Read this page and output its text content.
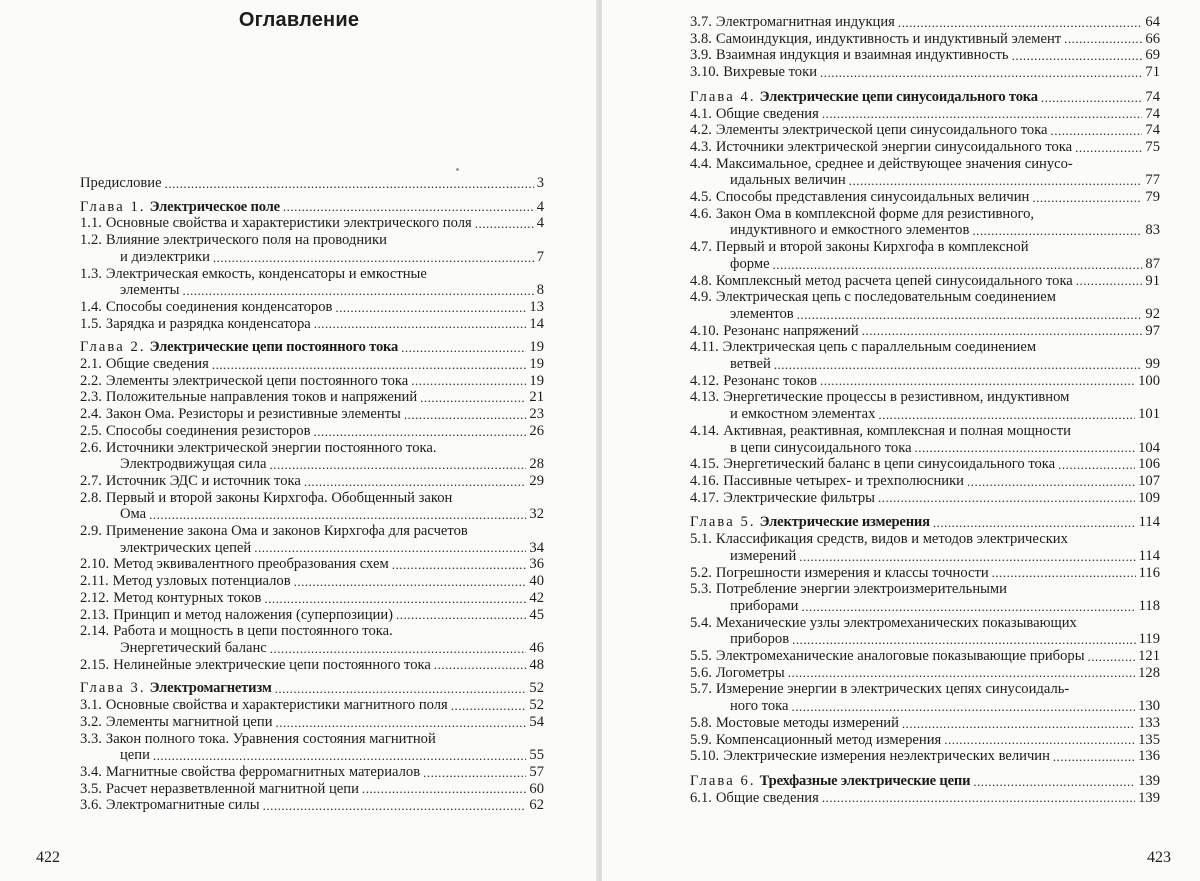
Оглавление
Предисловие .....	3
Глава 1. Электрическое поле .....	4
1.1. Основные свойства и характеристики электрического поля .....	4
1.2. Влияние электрического поля на проводники
и диэлектрики .....	7
1.3. Электрическая емкость, конденсаторы и емкостные
элементы .....	8
1.4. Способы соединения конденсаторов .....	13
1.5. Зарядка и разрядка конденсатора .....	14
Глава 2. Электрические цепи постоянного тока .....	19
2.1. Общие сведения .....	19
2.2. Элементы электрической цепи постоянного тока .....	19
2.3. Положительные направления токов и напряжений .....	21
2.4. Закон Ома. Резисторы и резистивные элементы .....	23
2.5. Способы соединения резисторов .....	26
2.6. Источники электрической энергии постоянного тока.
Электродвижущая сила .....	28
2.7. Источник ЭДС и источник тока .....	29
2.8. Первый и второй законы Кирхгофа. Обобщенный закон
Ома .....	32
2.9. Применение закона Ома и законов Кирхгофа для расчетов
электрических цепей .....	34
2.10. Метод эквивалентного преобразования схем .....	36
2.11. Метод узловых потенциалов .....	40
2.12. Метод контурных токов .....	42
2.13. Принцип и метод наложения (суперпозиции) .....	45
2.14. Работа и мощность в цепи постоянного тока.
Энергетический баланс .....	46
2.15. Нелинейные электрические цепи постоянного тока .....	48
Глава 3. Электромагнетизм .....	52
3.1. Основные свойства и характеристики магнитного поля .....	52
3.2. Элементы магнитной цепи .....	54
3.3. Закон полного тока. Уравнения состояния магнитной
цепи .....	55
3.4. Магнитные свойства ферромагнитных материалов .....	57
3.5. Расчет неразветвленной магнитной цепи .....	60
3.6. Электромагнитные силы .....	62
422
3.7. Электромагнитная индукция .....	64
3.8. Самоиндукция, индуктивность и индуктивный элемент .....	66
3.9. Взаимная индукция и взаимная индуктивность .....	69
3.10. Вихревые токи .....	71
Глава 4. Электрические цепи синусоидального тока .....	74
4.1. Общие сведения .....	74
4.2. Элементы электрической цепи синусоидального тока .....	74
4.3. Источники электрической энергии синусоидального тока .....	75
4.4. Максимальное, среднее и действующее значения синусо-
идальных величин .....	77
4.5. Способы представления синусоидальных величин .....	79
4.6. Закон Ома в комплексной форме для резистивного,
индуктивного и емкостного элементов .....	83
4.7. Первый и второй законы Кирхгофа в комплексной
форме .....	87
4.8. Комплексный метод расчета цепей синусоидального тока .....	91
4.9. Электрическая цепь с последовательным соединением
элементов .....	92
4.10. Резонанс напряжений .....	97
4.11. Электрическая цепь с параллельным соединением
ветвей .....	99
4.12. Резонанс токов .....	100
4.13. Энергетические процессы в резистивном, индуктивном
и емкостном элементах .....	101
4.14. Активная, реактивная, комплексная и полная мощности
в цепи синусоидального тока .....	104
4.15. Энергетический баланс в цепи синусоидального тока .....	106
4.16. Пассивные четырех- и трехполюсники .....	107
4.17. Электрические фильтры .....	109
Глава 5. Электрические измерения .....	114
5.1. Классификация средств, видов и методов электрических
измерений .....	114
5.2. Погрешности измерения и классы точности .....	116
5.3. Потребление энергии электроизмерительными
приборами .....	118
5.4. Механические узлы электромеханических показывающих
приборов .....	119
5.5. Электромеханические аналоговые показывающие приборы .....	121
5.6. Логометры .....	128
5.7. Измерение энергии в электрических цепях синусоидаль-
ного тока .....	130
5.8. Мостовые методы измерений .....	133
5.9. Компенсационный метод измерения .....	135
5.10. Электрические измерения неэлектрических величин .....	136
Глава 6. Трехфазные электрические цепи .....	139
6.1. Общие сведения .....	139
423
